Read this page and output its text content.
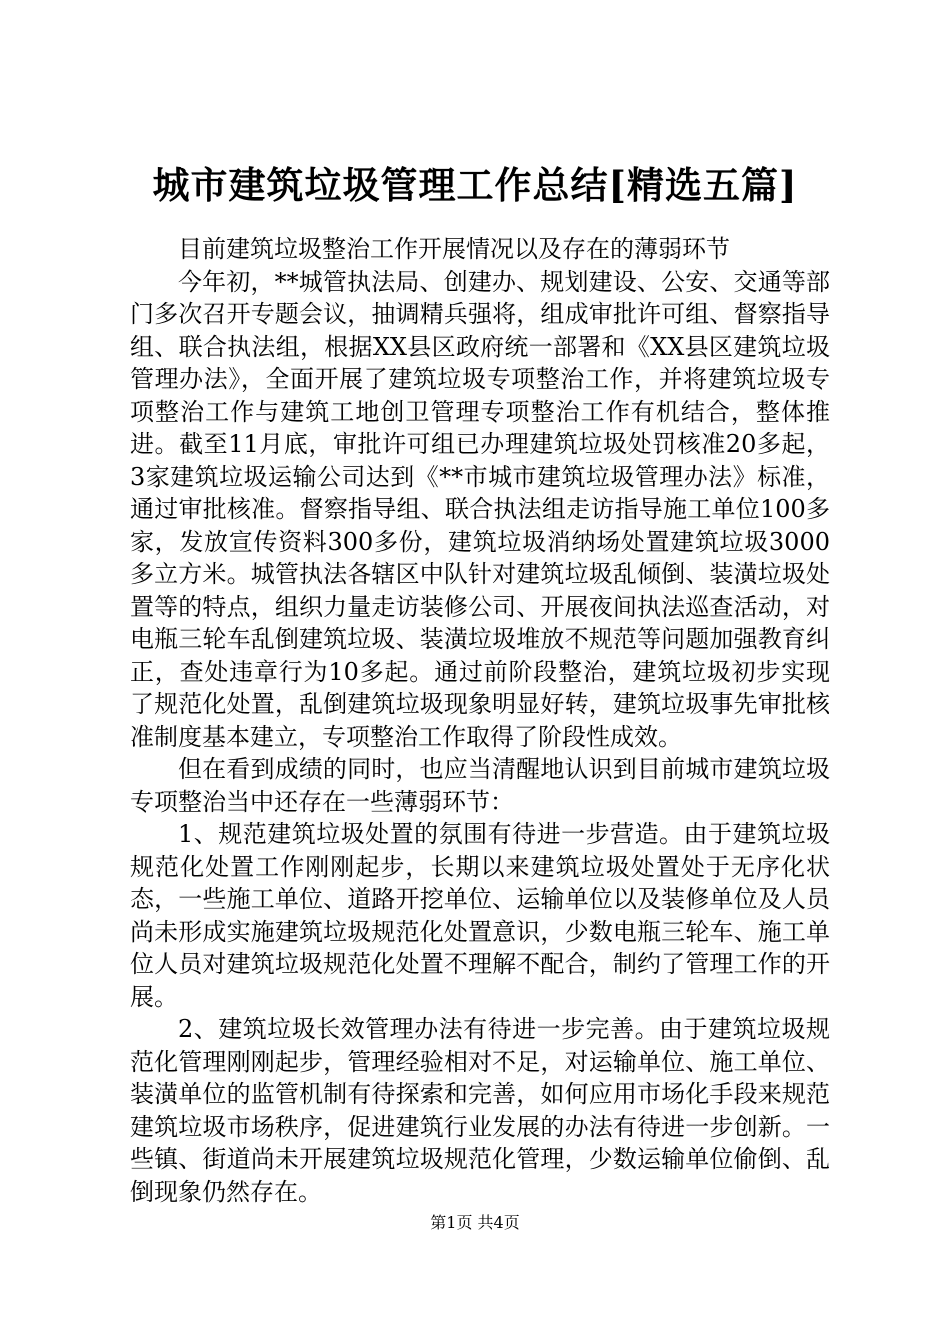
城市建筑垃圾管理工作总结[精选五篇]

目前建筑垃圾整治工作开展情况以及存在的薄弱环节

今年初，**城管执法局、创建办、规划建设、公安、交通等部门多次召开专题会议，抽调精兵强将，组成审批许可组、督察指导组、联合执法组，根据XX县区政府统一部署和《XX县区建筑垃圾管理办法》，全面开展了建筑垃圾专项整治工作，并将建筑垃圾专项整治工作与建筑工地创卫管理专项整治工作有机结合，整体推进。截至11月底，审批许可组已办理建筑垃圾处罚核准20多起，3家建筑垃圾运输公司达到《**市城市建筑垃圾管理办法》标准，通过审批核准。督察指导组、联合执法组走访指导施工单位100多家，发放宣传资料300多份，建筑垃圾消纳场处置建筑垃圾3000多立方米。城管执法各辖区中队针对建筑垃圾乱倾倒、装潢垃圾处置等的特点，组织力量走访装修公司、开展夜间执法巡查活动，对电瓶三轮车乱倒建筑垃圾、装潢垃圾堆放不规范等问题加强教育纠正，查处违章行为10多起。通过前阶段整治，建筑垃圾初步实现了规范化处置，乱倒建筑垃圾现象明显好转，建筑垃圾事先审批核准制度基本建立，专项整治工作取得了阶段性成效。

但在看到成绩的同时，也应当清醒地认识到目前城市建筑垃圾专项整治当中还存在一些薄弱环节：

1、规范建筑垃圾处置的氛围有待进一步营造。由于建筑垃圾规范化处置工作刚刚起步，长期以来建筑垃圾处置处于无序化状态，一些施工单位、道路开挖单位、运输单位以及装修单位及人员尚未形成实施建筑垃圾规范化处置意识，少数电瓶三轮车、施工单位人员对建筑垃圾规范化处置不理解不配合，制约了管理工作的开展。

2、建筑垃圾长效管理办法有待进一步完善。由于建筑垃圾规范化管理刚刚起步，管理经验相对不足，对运输单位、施工单位、装潢单位的监管机制有待探索和完善，如何应用市场化手段来规范建筑垃圾市场秩序，促进建筑行业发展的办法有待进一步创新。一些镇、街道尚未开展建筑垃圾规范化管理，少数运输单位偷倒、乱倒现象仍然存在。

第1页 共4页
